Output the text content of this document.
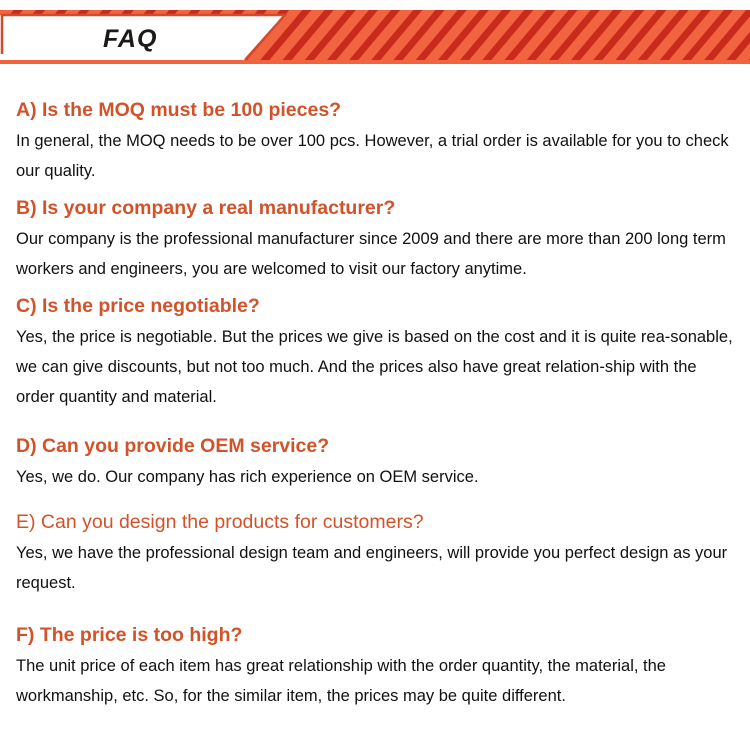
FAQ
A) Is the MOQ must be 100 pieces?
In general, the MOQ needs to be over 100 pcs. However, a trial order is available for you to check our quality.
B) Is your company a real manufacturer?
Our company is the professional manufacturer since 2009 and there are more than 200 long term workers and engineers, you are welcomed to visit our factory anytime.
C) Is the price negotiable?
Yes, the price is negotiable. But the prices we give is based on the cost and it is quite rea-sonable, we can give discounts, but not too much. And the prices also have great relation-ship with the order quantity and material.
D) Can you provide OEM service?
Yes, we do. Our company has rich experience on OEM service.
E) Can you design the products for customers?
Yes, we have the professional design team and engineers, will provide you perfect design as your request.
F) The price is too high?
The unit price of each item has great relationship with the order quantity, the material, the workmanship, etc. So, for the similar item, the prices may be quite different.
